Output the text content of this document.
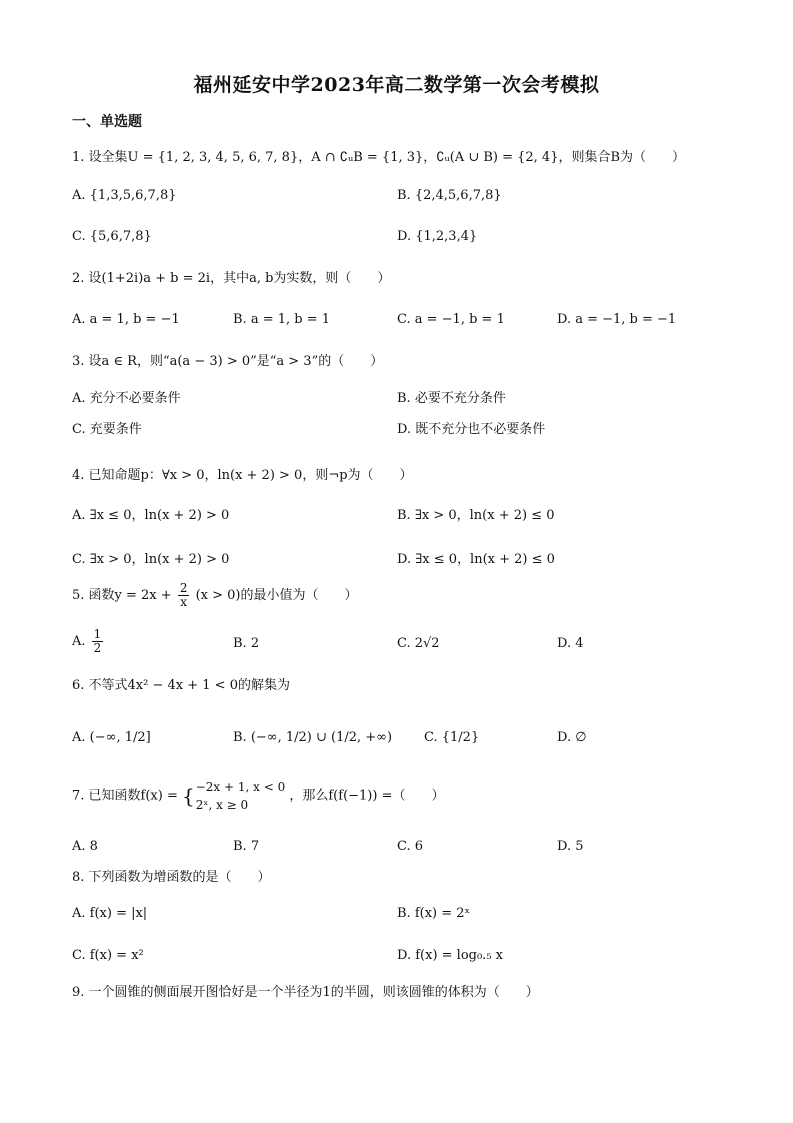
福州延安中学2023年高二数学第一次会考模拟
一、单选题
1. 设全集U = {1, 2, 3, 4, 5, 6, 7, 8}，A ∩ ∁ᵤB = {1, 3}，∁ᵤ(A ∪ B) = {2, 4}，则集合B为（　　）
A. {1,3,5,6,7,8}	B. {2,4,5,6,7,8}
C. {5,6,7,8}	D. {1,2,3,4}
2. 设(1+2i)a + b = 2i，其中a, b为实数，则（　　）
A. a = 1, b = −1	B. a = 1, b = 1	C. a = −1, b = 1	D. a = −1, b = −1
3. 设a ∈ R，则“a(a − 3) > 0”是“a > 3”的（　　）
A. 充分不必要条件	B. 必要不充分条件
C. 充要条件	D. 既不充分也不必要条件
4. 已知命题p：∀x > 0，ln(x + 2) > 0，则¬p为（　　）
A. ∃x ≤ 0，ln(x + 2) > 0	B. ∃x > 0，ln(x + 2) ≤ 0
C. ∃x > 0，ln(x + 2) > 0	D. ∃x ≤ 0，ln(x + 2) ≤ 0
5. 函数$y = 2x + \frac{2}{x} (x > 0)$的最小值为（　　）
A. $\frac{1}{2}$	B. 2	C. 2√2	D. 4
6. 不等式4x² − 4x + 1 < 0的解集为
A. (−∞, 1/2]	B. (−∞, 1/2) ∪ (1/2, +∞) C. {1/2}	D. ∅
7. 已知函数f(x) = { −2x + 1, x < 0
2ˣ, x ≥ 0
，那么f(f(−1)) =（　　）
A. 8	B. 7	C. 6	D. 5
8. 下列函数为增函数的是（　　）
A. f(x) = |x|	B. f(x) = 2ˣ
C. f(x) = x²	D. f(x) = log₀.₅ x
9. 一个圆锥的侧面展开图恰好是一个半径为1的半圆，则该圆锥的体积为（　　）
